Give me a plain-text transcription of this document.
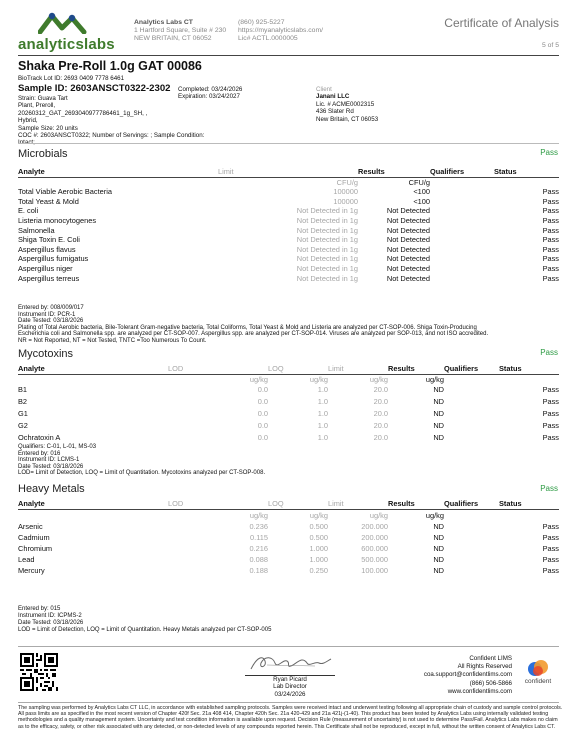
analyticslabs
Analytics Labs CT
1 Hartford Square, Suite # 230
NEW BRITAIN, CT 06052
(860) 925-5227
https://myanalyticslabs.com/
Lic# ACTL.0000005
Certificate of Analysis
5 of 5
Shaka Pre-Roll 1.0g GAT 00086
BioTrack Lot ID: 2693 0409 7778 6461
Sample ID: 2603ANSCT0322-2302
Strain: Guava Tart
Plant, Preroll,
20260312_GAT_2693040977786461_1g_SH, ,
Hybrid,
Sample Size: 20 units
COC #: 2603ANSCT0322; Number of Servings: ; Sample Condition: Intact;
Completed: 03/24/2026
Expiration: 03/24/2027
Client
Janani LLC
Lic. # ACME0002315
436 Slater Rd
New Britain, CT 06053
Microbials	Pass
Analyte	Limit	Results	Qualifiers	Status
	CFU/g	CFU/g		
Total Viable Aerobic Bacteria	100000	<100		Pass
Total Yeast & Mold	100000	<100		Pass
E. coli	Not Detected in 1g	Not Detected		Pass
Listeria monocytogenes	Not Detected in 1g	Not Detected		Pass
Salmonella	Not Detected in 1g	Not Detected		Pass
Shiga Toxin E. Coli	Not Detected in 1g	Not Detected		Pass
Aspergillus flavus	Not Detected in 1g	Not Detected		Pass
Aspergillus fumigatus	Not Detected in 1g	Not Detected		Pass
Aspergillus niger	Not Detected in 1g	Not Detected		Pass
Aspergillus terreus	Not Detected in 1g	Not Detected		Pass
Entered by: 008/009/017
Instrument ID: PCR-1
Date Tested: 03/18/2026
Plating of Total Aerobic bacteria, Bile-Tolerant Gram-negative bacteria, Total Coliforms, Total Yeast & Mold and Listeria are analyzed per CT-SOP-006. Shiga Toxin-Producing
Escherichia coli and Salmonella spp. are analyzed per CT-SOP-007. Aspergillus spp. are analyzed per CT-SOP-014. Viruses are analyzed per SOP-013, and not ISO accredited.
NR = Not Reported, NT = Not Tested, TNTC =Too Numerous To Count.
Mycotoxins	Pass
Analyte	LOD	LOQ	Limit	Results	Qualifiers	Status
	ug/kg	ug/kg	ug/kg	ug/kg		
B1	0.0	1.0	20.0	ND		Pass
B2	0.0	1.0	20.0	ND		Pass
G1	0.0	1.0	20.0	ND		Pass
G2	0.0	1.0	20.0	ND		Pass
Ochratoxin A	0.0	1.0	20.0	ND		Pass
Qualifiers: C-01, L-01, MS-03
Entered by: 016
Instrument ID: LCMS-1
Date Tested: 03/18/2026
LOD= Limit of Detection, LOQ = Limit of Quantitation. Mycotoxins analyzed per CT-SOP-008.
Heavy Metals	Pass
Analyte	LOD	LOQ	Limit	Results	Qualifiers	Status
	ug/kg	ug/kg	ug/kg	ug/kg		
Arsenic	0.236	0.500	200.000	ND		Pass
Cadmium	0.115	0.500	200.000	ND		Pass
Chromium	0.216	1.000	600.000	ND		Pass
Lead	0.088	1.000	500.000	ND		Pass
Mercury	0.188	0.250	100.000	ND		Pass
Entered by: 015
Instrument ID: ICPMS-2
Date Tested: 03/18/2026
LOD = Limit of Detection, LOQ = Limit of Quantitation. Heavy Metals analyzed per CT-SOP-005
Ryan Picard
Lab Director
03/24/2026
Confident LIMS
All Rights Reserved
coa.support@confidentlims.com
(866) 506-5866
www.confidentlims.com
confident
The sampling was performed by Analytics Labs CT LLC, in accordance with established sampling protocols. Samples were received intact and underwent testing following all appropriate chain of custody and sample control protocols. All pass limits are as specified in the most recent version of Chapter 420f Sec. 21a 408 414, Chapter 420h Sec. 21a 420-429 and 21a 421j-(1-40). This product has been tested by Analytics Labs using internally validated testing methodologies and a quality management system. Uncertainty and test condition information is available upon request. Decision Rule (measurement of uncertainty) is not used to determine Pass/Fail. Analytics Labs makes no claim as to the efficacy, safety, or other risk associated with any detected, or non-detected levels of any compounds reported herein. This Certificate shall not be reproduced, except in full, without the written consent of Analytics Labs CT.
